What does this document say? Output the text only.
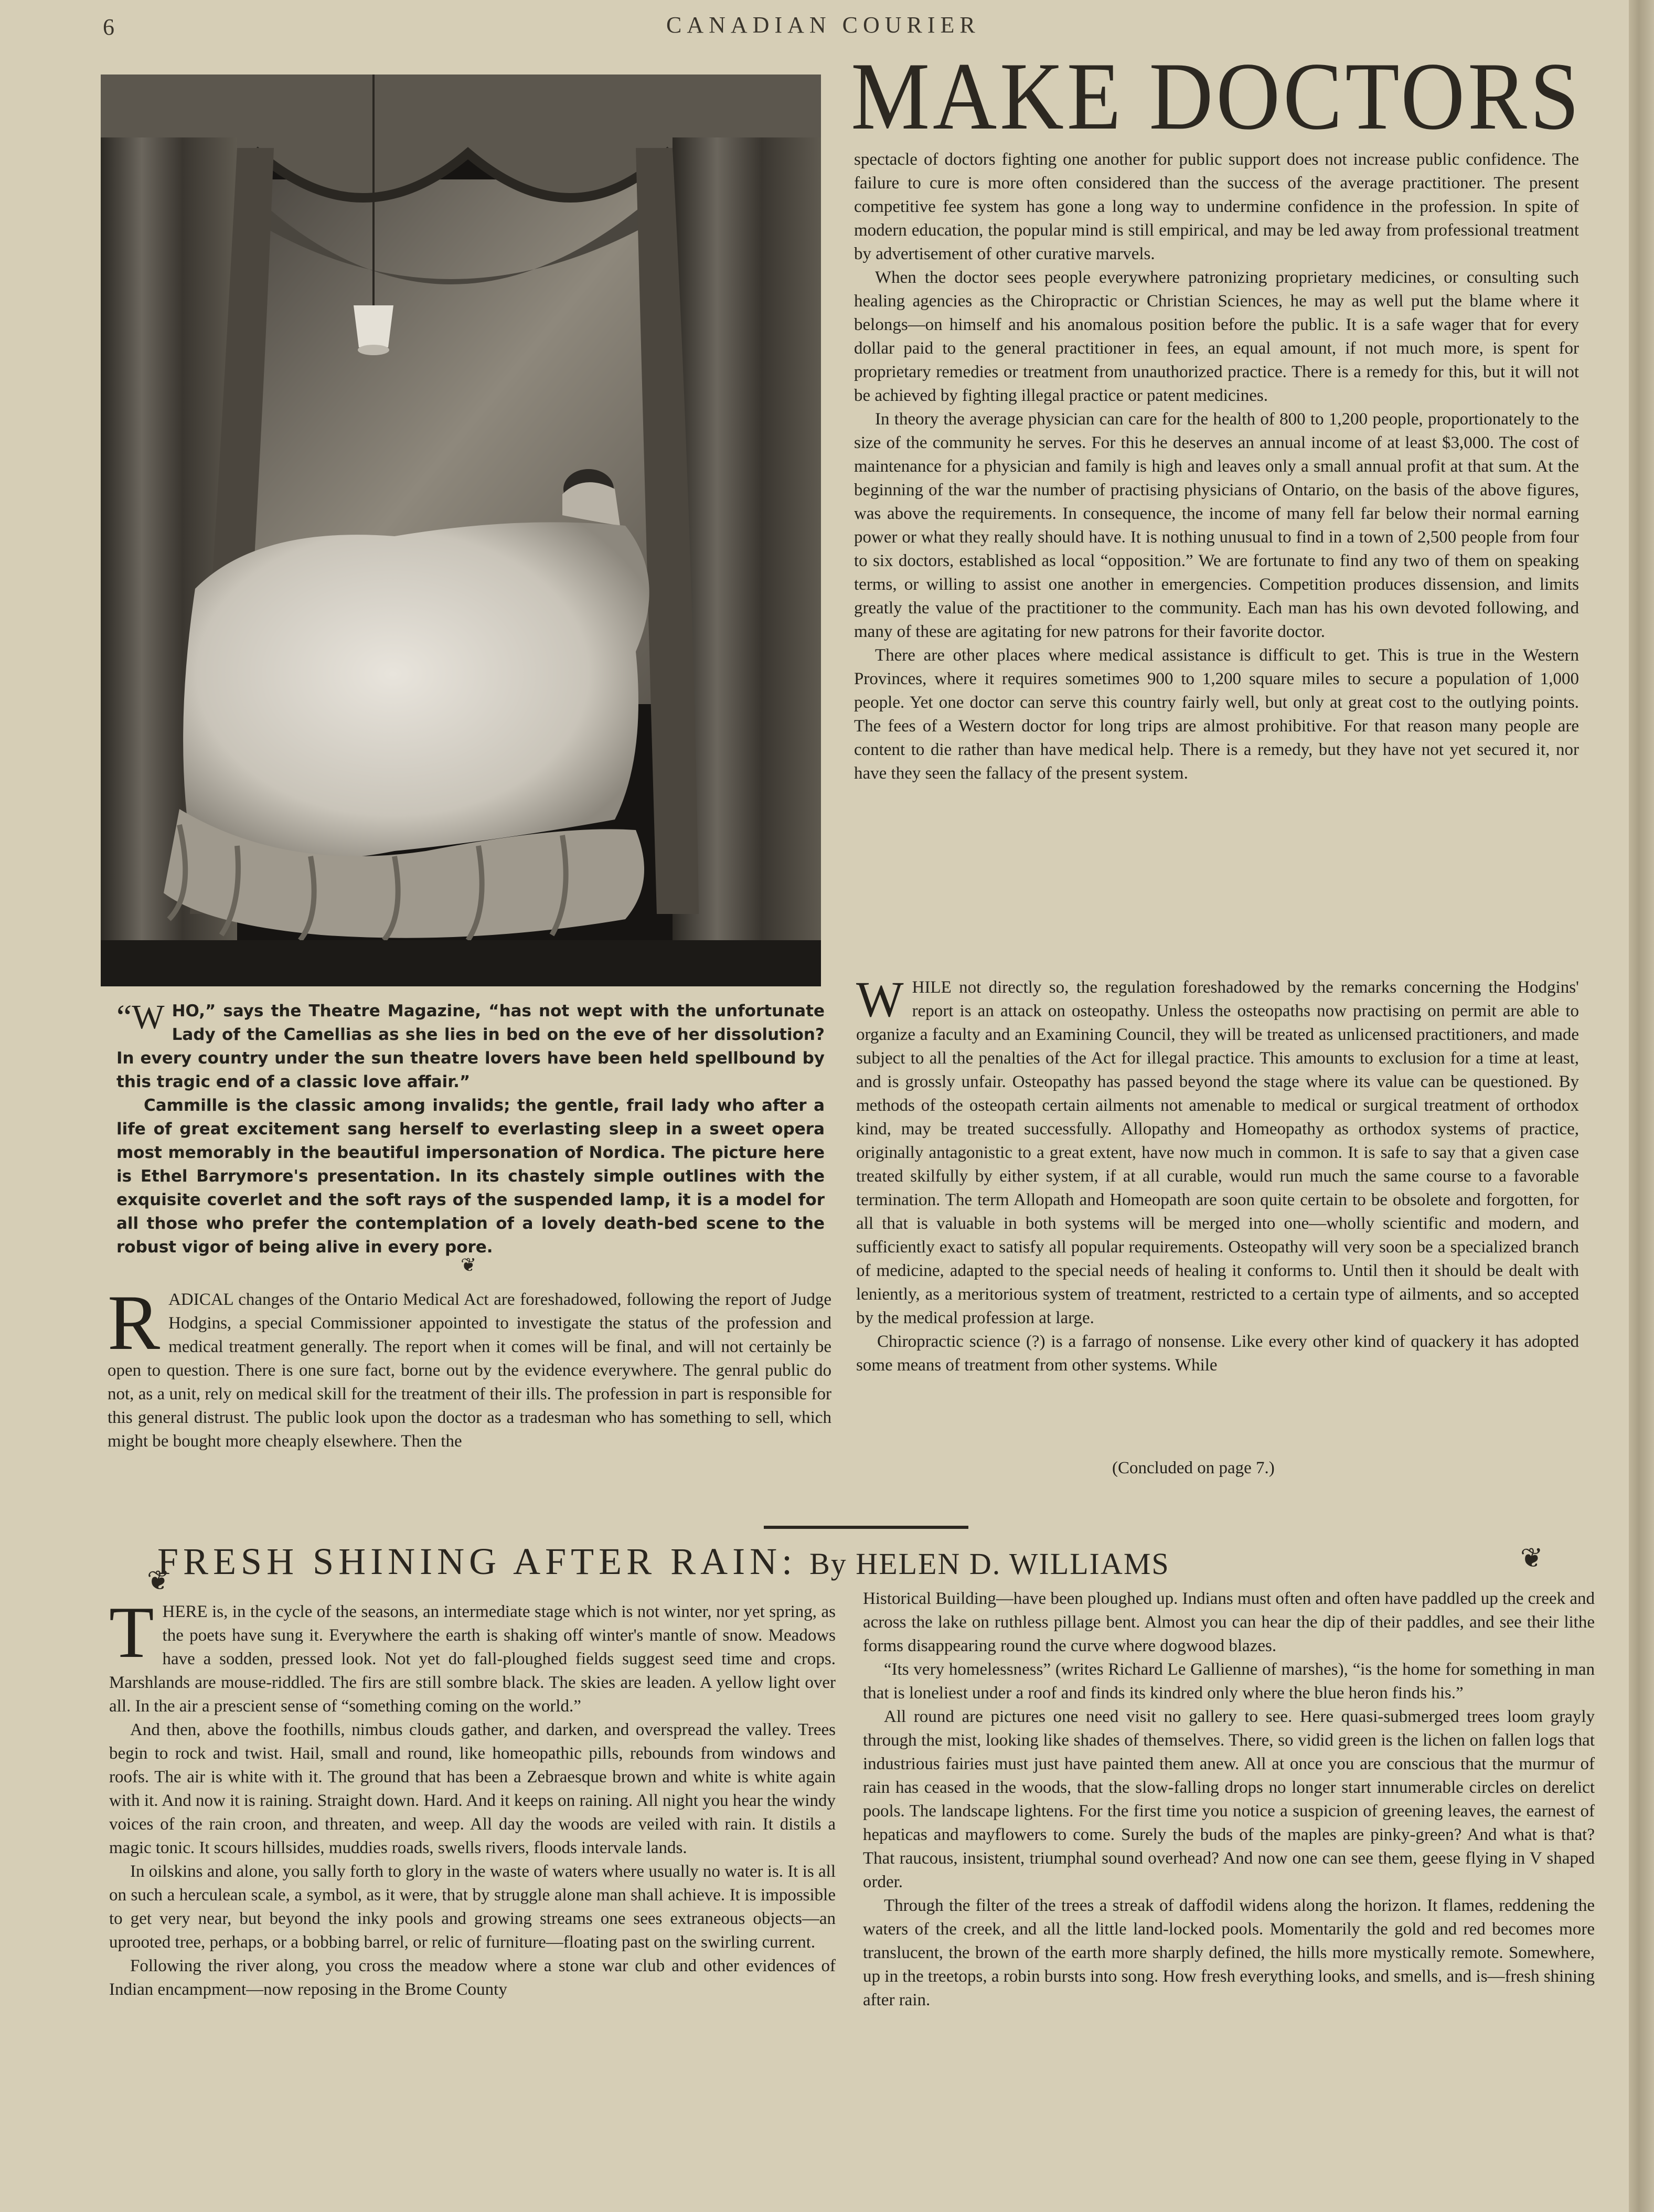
6	CANADIAN COURIER

“W HO,” says the Theatre Magazine, “has not wept with the unfortunate Lady of the Camellias as she lies in bed on the eve of her dissolution? In every country under the sun theatre lovers have been held spellbound by this tragic end of a classic love affair.”

Cammille is the classic among invalids; the gentle, frail lady who after a life of great excitement sang herself to everlasting sleep in a sweet opera most memorably in the beautiful impersonation of Nordica. The picture here is Ethel Barrymore's presentation. In its chastely simple outlines with the exquisite coverlet and the soft rays of the suspended lamp, it is a model for all those who prefer the contemplation of a lovely death-bed scene to the robust vigor of being alive in every pore.

❦

RADICAL changes of the Ontario Medical Act are foreshadowed, following the report of Judge Hodgins, a special Commissioner appointed to investigate the status of the profession and medical treatment generally. The report when it comes will be final, and will not certainly be open to question. There is one sure fact, borne out by the evidence everywhere. The genral public do not, as a unit, rely on medical skill for the treatment of their ills. The profession in part is responsible for this general distrust. The public look upon the doctor as a tradesman who has something to sell, which might be bought more cheaply elsewhere. Then the

MAKE DOCTORS

spectacle of doctors fighting one another for public support does not increase public confidence. The failure to cure is more often considered than the success of the average practitioner. The present competitive fee system has gone a long way to undermine confidence in the profession. In spite of modern education, the popular mind is still empirical, and may be led away from professional treatment by advertisement of other curative marvels.

When the doctor sees people everywhere patronizing proprietary medicines, or consulting such healing agencies as the Chiropractic or Christian Sciences, he may as well put the blame where it belongs—on himself and his anomalous position before the public. It is a safe wager that for every dollar paid to the general practitioner in fees, an equal amount, if not much more, is spent for proprietary remedies or treatment from unauthorized practice. There is a remedy for this, but it will not be achieved by fighting illegal practice or patent medicines.

In theory the average physician can care for the health of 800 to 1,200 people, proportionately to the size of the community he serves. For this he deserves an annual income of at least $3,000. The cost of maintenance for a physician and family is high and leaves only a small annual profit at that sum. At the beginning of the war the number of practising physicians of Ontario, on the basis of the above figures, was above the requirements. In consequence, the income of many fell far below their normal earning power or what they really should have. It is nothing unusual to find in a town of 2,500 people from four to six doctors, established as local “opposition.” We are fortunate to find any two of them on speaking terms, or willing to assist one another in emergencies. Competition produces dissension, and limits greatly the value of the practitioner to the community. Each man has his own devoted following, and many of these are agitating for new patrons for their favorite doctor.

There are other places where medical assistance is difficult to get. This is true in the Western Provinces, where it requires sometimes 900 to 1,200 square miles to secure a population of 1,000 people. Yet one doctor can serve this country fairly well, but only at great cost to the outlying points. The fees of a Western doctor for long trips are almost prohibitive. For that reason many people are content to die rather than have medical help. There is a remedy, but they have not yet secured it, nor have they seen the fallacy of the present system.

WHILE not directly so, the regulation foreshadowed by the remarks concerning the Hodgins' report is an attack on osteopathy. Unless the osteopaths now practising on permit are able to organize a faculty and an Examining Council, they will be treated as unlicensed practitioners, and made subject to all the penalties of the Act for illegal practice. This amounts to exclusion for a time at least, and is grossly unfair. Osteopathy has passed beyond the stage where its value can be questioned. By methods of the osteopath certain ailments not amenable to medical or surgical treatment of orthodox kind, may be treated successfully. Allopathy and Homeopathy as orthodox systems of practice, originally antagonistic to a great extent, have now much in common. It is safe to say that a given case treated skilfully by either system, if at all curable, would run much the same course to a favorable termination. The term Allopath and Homeopath are soon quite certain to be obsolete and forgotten, for all that is valuable in both systems will be merged into one—wholly scientific and modern, and sufficiently exact to satisfy all popular requirements. Osteopathy will very soon be a specialized branch of medicine, adapted to the special needs of healing it conforms to. Until then it should be dealt with leniently, as a meritorious system of treatment, restricted to a certain type of ailments, and so accepted by the medical profession at large.

Chiropractic science (?) is a farrago of nonsense. Like every other kind of quackery it has adopted some means of treatment from other systems. While

(Concluded on page 7.)
❦
FRESH SHINING AFTER RAIN: By HELEN D. WILLIAMS	❦

THERE is, in the cycle of the seasons, an intermediate stage which is not winter, nor yet spring, as the poets have sung it. Everywhere the earth is shaking off winter's mantle of snow. Meadows have a sodden, pressed look. Not yet do fall-ploughed fields suggest seed time and crops. Marshlands are mouse-riddled. The firs are still sombre black. The skies are leaden. A yellow light over all. In the air a prescient sense of “something coming on the world.”

And then, above the foothills, nimbus clouds gather, and darken, and overspread the valley. Trees begin to rock and twist. Hail, small and round, like homeopathic pills, rebounds from windows and roofs. The air is white with it. The ground that has been a Zebraesque brown and white is white again with it. And now it is raining. Straight down. Hard. And it keeps on raining. All night you hear the windy voices of the rain croon, and threaten, and weep. All day the woods are veiled with rain. It distils a magic tonic. It scours hillsides, muddies roads, swells rivers, floods intervale lands.

In oilskins and alone, you sally forth to glory in the waste of waters where usually no water is. It is all on such a herculean scale, a symbol, as it were, that by struggle alone man shall achieve. It is impossible to get very near, but beyond the inky pools and growing streams one sees extraneous objects—an uprooted tree, perhaps, or a bobbing barrel, or relic of furniture—floating past on the swirling current.

Following the river along, you cross the meadow where a stone war club and other evidences of Indian encampment—now reposing in the Brome County

Historical Building—have been ploughed up. Indians must often and often have paddled up the creek and across the lake on ruthless pillage bent. Almost you can hear the dip of their paddles, and see their lithe forms disappearing round the curve where dogwood blazes.

“Its very homelessness” (writes Richard Le Gallienne of marshes), “is the home for something in man that is loneliest under a roof and finds its kindred only where the blue heron finds his.”

All round are pictures one need visit no gallery to see. Here quasi-submerged trees loom grayly through the mist, looking like shades of themselves. There, so vidid green is the lichen on fallen logs that industrious fairies must just have painted them anew. All at once you are conscious that the murmur of rain has ceased in the woods, that the slow-falling drops no longer start innumerable circles on derelict pools. The landscape lightens. For the first time you notice a suspicion of greening leaves, the earnest of hepaticas and mayflowers to come. Surely the buds of the maples are pinky-green? And what is that? That raucous, insistent, triumphal sound overhead? And now one can see them, geese flying in V shaped order.

Through the filter of the trees a streak of daffodil widens along the horizon. It flames, reddening the waters of the creek, and all the little land-locked pools. Momentarily the gold and red becomes more translucent, the brown of the earth more sharply defined, the hills more mystically remote. Somewhere, up in the treetops, a robin bursts into song. How fresh everything looks, and smells, and is—fresh shining after rain.
